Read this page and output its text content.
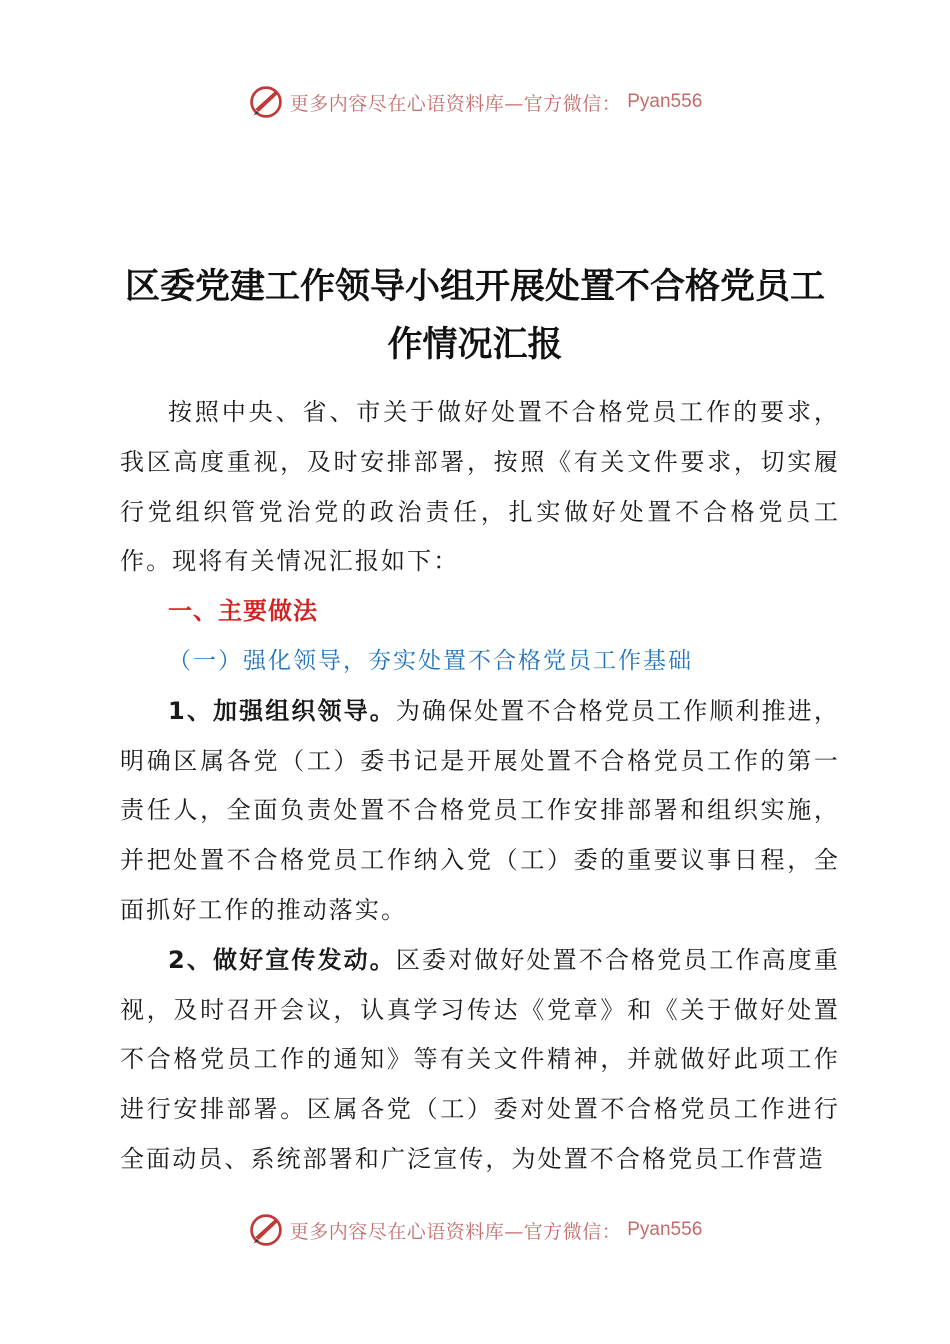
更多内容尽在心语资料库—官方微信： Pyan556
区委党建工作领导小组开展处置不合格党员工作情况汇报

按照中央、省、市关于做好处置不合格党员工作的要求，我区高度重视，及时安排部署，按照《有关文件要求，切实履行党组织管党治党的政治责任，扎实做好处置不合格党员工作。现将有关情况汇报如下：

一、主要做法
（一）强化领导，夯实处置不合格党员工作基础

1、加强组织领导。为确保处置不合格党员工作顺利推进，明确区属各党（工）委书记是开展处置不合格党员工作的第一责任人，全面负责处置不合格党员工作安排部署和组织实施，并把处置不合格党员工作纳入党（工）委的重要议事日程，全面抓好工作的推动落实。

2、做好宣传发动。区委对做好处置不合格党员工作高度重视，及时召开会议，认真学习传达《党章》和《关于做好处置不合格党员工作的通知》等有关文件精神，并就做好此项工作进行安排部署。区属各党（工）委对处置不合格党员工作进行全面动员、系统部署和广泛宣传，为处置不合格党员工作营造

更多内容尽在心语资料库—官方微信： Pyan556
